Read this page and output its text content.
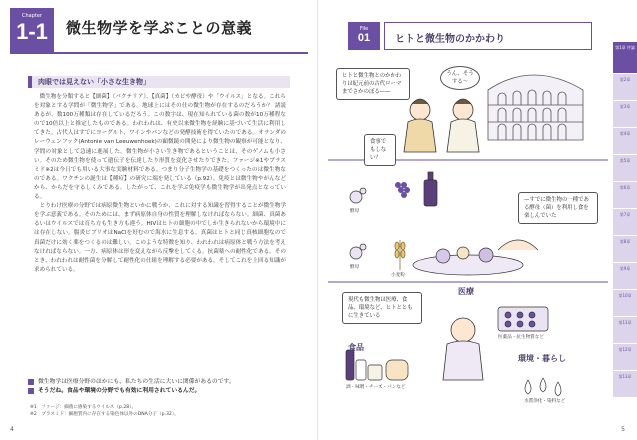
Chapter
1-1	微生物学を学ぶことの意義
肉眼では見えない「小さな生き物」

微生物を分類すると【細菌】（バクテリア）、【真菌】（カビや酵母）や「ウイルス」となる。これらを対象とする学問が「微生物学」である。地球上にはその仕の微生物が存在するのだろうか？ 諸説あるが、数100万種類は存在しているだろう。この数字は、現在知られている菌の数が10万種程なので10倍以上と推定したものである。われわれは、有史以来微生物を経験に基づいて生活に利用してきた。古代人はすでにヨーグルト、ワインやパンなどの発酵技術を得ていたのである。オランダのレーウェンフック(Antonie van Leeuwenhoek)の顕微鏡の開発により微生物の観察が可能となり、学問の対象として急速に進展した。微生物が小さい生き物であるということは、そのゲノムも小さい。そのため微生物を使って遺伝子を伝達したり形質を変化させたりできた。ファージ※1やプラスミド※2は今日でも用いる大事な実験材料である。つまり分子生物学の基礎をつくったのは微生物なのである。ワクチンの誕生は【種痘】の研究に端を発している（p.92）。免疫とは微生物やがんなどから、からだを守るしくみである。したがって、これを学ぶ免疫学も微生物学が出発点となっている。

とりわけ医療の分野では病原微生物といかに戦うか、これに対する知識を習得することが微生物学を学ぶ意義である。そのためには、まず病原体自身の性質を理解しなければならない。細菌、真菌あるいはウイルスでは育ち方も生き方も違う。HIVはヒトの細胞の中でしか生きられないから環境中には存在しない。腸炎ビブリオはNaClを好むので海水に生息する。真菌はヒトと同じ真核細胞なので真菌だけに効く薬をつくるのは難しい。このような特徴を知り、われわれは病原体と戦う方法を考えなければならない。一方、病原体は形を変えながら反撃をしてくる。抗菌薬への耐性化である。そのとき、われわれは耐性菌を分解して耐性化の仕組を理解する必要がある。そしてこれを上回る知識が求められている。

微生物学は医療分野のほかにも、私たちの生活に大いに関係があるのです。
そうだね。食品や環境の分野でも有効に利用されているんだ。
※1　ファージ：細菌に感染するウイルス（p.28）。
※2　プラスミド：細胞質内に存在する染色体以外のDNA分子（p.32）。
4
File
01	ヒトと微生物のかかわり
ヒトと微生物とのかかわりは紀元前の古代ローマまでさかのぼる——
食事でもしない？
うん、そうする〜
—すでに微生物の一種である酵母（菌）を利用し食を楽しんでいた
酵母
酵母
小麦粉
現代も微生物は医療、食品、環境など、ヒトとともに生きている
医療
医薬品・抗生物質など
食品
酒・味噌・チーズ・パンなど
環境・暮らし
水質浄化・染料など
第1章 序論
第2章
第3章
第4章
第5章
第6章
第7章
第8章
第9章
第10章
第11章
第12章
第13章
5
